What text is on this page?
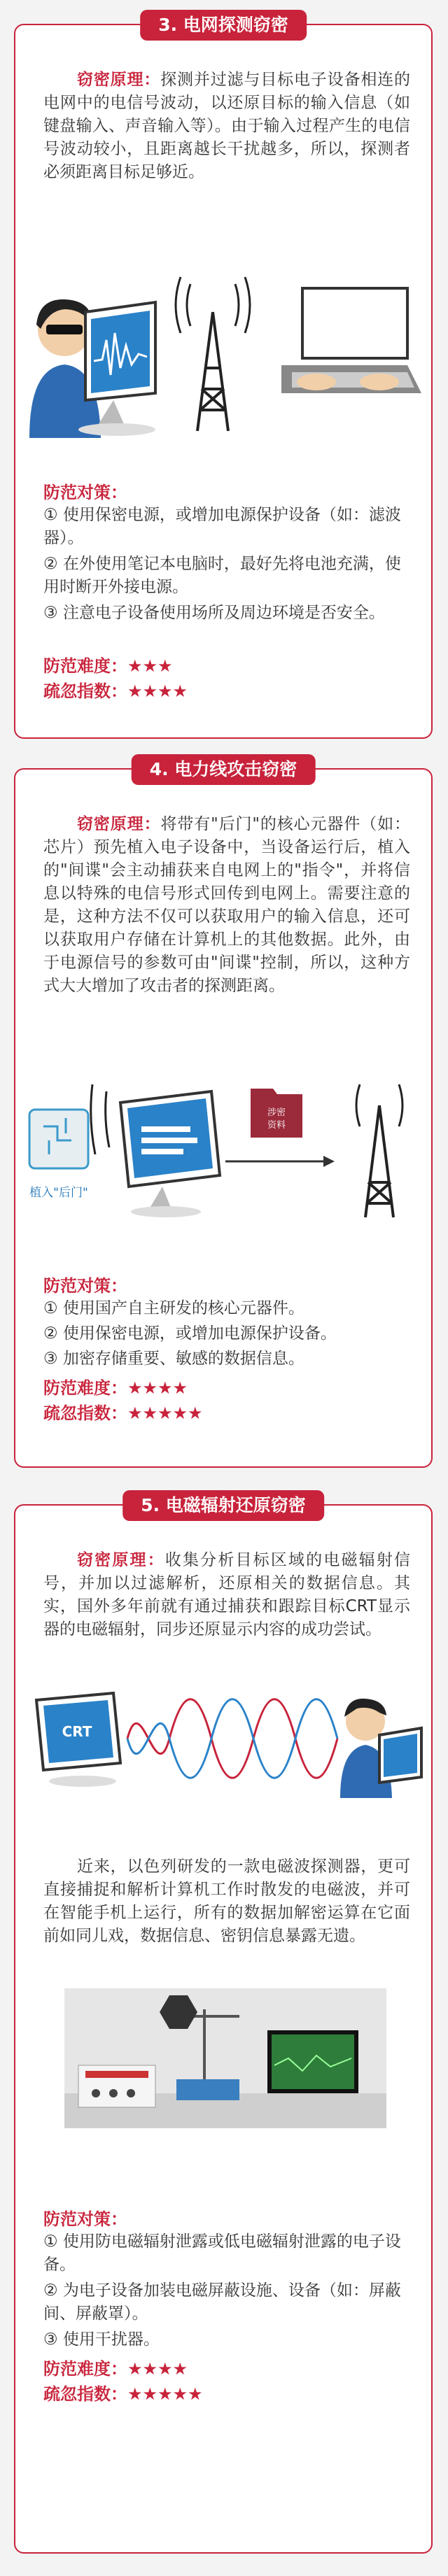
3. 电网探测窃密
窃密原理：探测并过滤与目标电子设备相连的电网中的电信号波动，以还原目标的输入信息（如键盘输入、声音输入等）。由于输入过程产生的电信号波动较小，且距离越长干扰越多，所以，探测者必须距离目标足够近。
防范对策：
① 使用保密电源，或增加电源保护设备（如：滤波器）。
② 在外使用笔记本电脑时，最好先将电池充满，使用时断开外接电源。
③ 注意电子设备使用场所及周边环境是否安全。
防范难度：★★★
疏忽指数：★★★★
4. 电力线攻击窃密
窃密原理：将带有"后门"的核心元器件（如：芯片）预先植入电子设备中，当设备运行后，植入的"间谍"会主动捕获来自电网上的"指令"，并将信息以特殊的电信号形式回传到电网上。需要注意的是，这种方法不仅可以获取用户的输入信息，还可以获取用户存储在计算机上的其他数据。此外，由于电源信号的参数可由"间谍"控制，所以，这种方式大大增加了攻击者的探测距离。
植入"后门"
涉密
资料
防范对策：
① 使用国产自主研发的核心元器件。
② 使用保密电源，或增加电源保护设备。
③ 加密存储重要、敏感的数据信息。
防范难度：★★★★
疏忽指数：★★★★★
5. 电磁辐射还原窃密
窃密原理：收集分析目标区域的电磁辐射信号，并加以过滤解析，还原相关的数据信息。其实，国外多年前就有通过捕获和跟踪目标CRT显示器的电磁辐射，同步还原显示内容的成功尝试。
CRT
近来，以色列研发的一款电磁波探测器，更可直接捕捉和解析计算机工作时散发的电磁波，并可在智能手机上运行，所有的数据加解密运算在它面前如同儿戏，数据信息、密钥信息暴露无遗。
防范对策：
① 使用防电磁辐射泄露或低电磁辐射泄露的电子设备。
② 为电子设备加装电磁屏蔽设施、设备（如：屏蔽间、屏蔽罩）。
③ 使用干扰器。
防范难度：★★★★
疏忽指数：★★★★★
